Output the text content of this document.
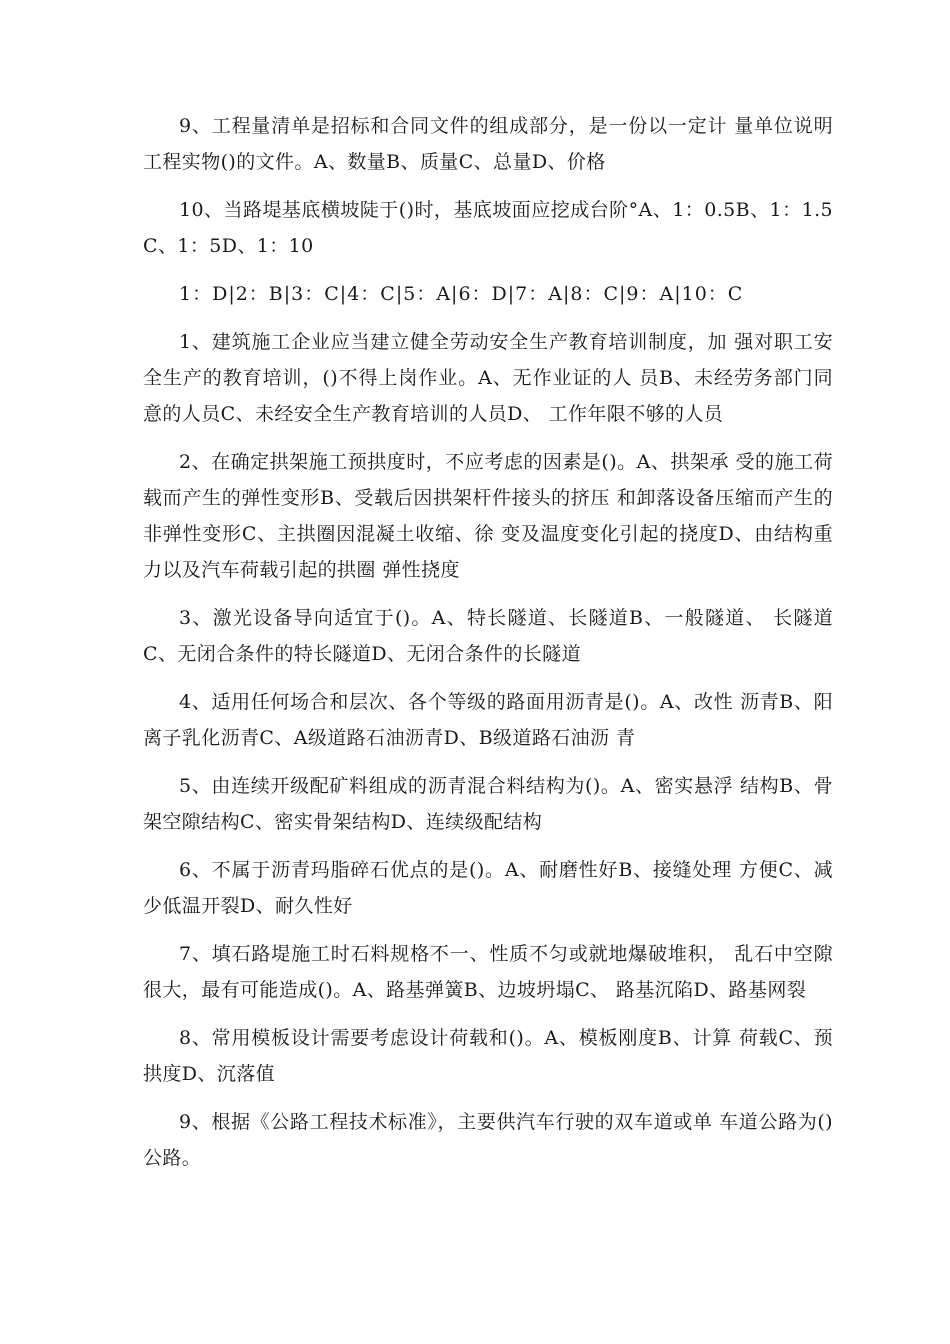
9、工程量清单是招标和合同文件的组成部分，是一份以一定计 量单位说明工程实物()的文件。A、数量B、质量C、总量D、价格

10、当路堤基底横坡陡于()时，基底坡面应挖成台阶°A、1：0.5B、1：1.5C、1：5D、1：10

1：D|2：B|3：C|4：C|5：A|6：D|7：A|8：C|9：A|10：C

1、建筑施工企业应当建立健全劳动安全生产教育培训制度，加 强对职工安全生产的教育培训，()不得上岗作业。A、无作业证的人 员B、未经劳务部门同意的人员C、未经安全生产教育培训的人员D、 工作年限不够的人员

2、在确定拱架施工预拱度时，不应考虑的因素是()。A、拱架承 受的施工荷载而产生的弹性变形B、受载后因拱架杆件接头的挤压 和卸落设备压缩而产生的非弹性变形C、主拱圈因混凝土收缩、徐 变及温度变化引起的挠度D、由结构重力以及汽车荷载引起的拱圈 弹性挠度

3、激光设备导向适宜于()。A、特长隧道、长隧道B、一般隧道、 长隧道C、无闭合条件的特长隧道D、无闭合条件的长隧道

4、适用任何场合和层次、各个等级的路面用沥青是()。A、改性 沥青B、阳离子乳化沥青C、A级道路石油沥青D、B级道路石油沥 青

5、由连续开级配矿料组成的沥青混合料结构为()。A、密实悬浮 结构B、骨架空隙结构C、密实骨架结构D、连续级配结构

6、不属于沥青玛脂碎石优点的是()。A、耐磨性好B、接缝处理 方便C、减少低温开裂D、耐久性好

7、填石路堤施工时石料规格不一、性质不匀或就地爆破堆积， 乱石中空隙很大，最有可能造成()。A、路基弹簧B、边坡坍塌C、 路基沉陷D、路基网裂

8、常用模板设计需要考虑设计荷载和()。A、模板刚度B、计算 荷载C、预拱度D、沉落值

9、根据《公路工程技术标准》，主要供汽车行驶的双车道或单 车道公路为()公路。
